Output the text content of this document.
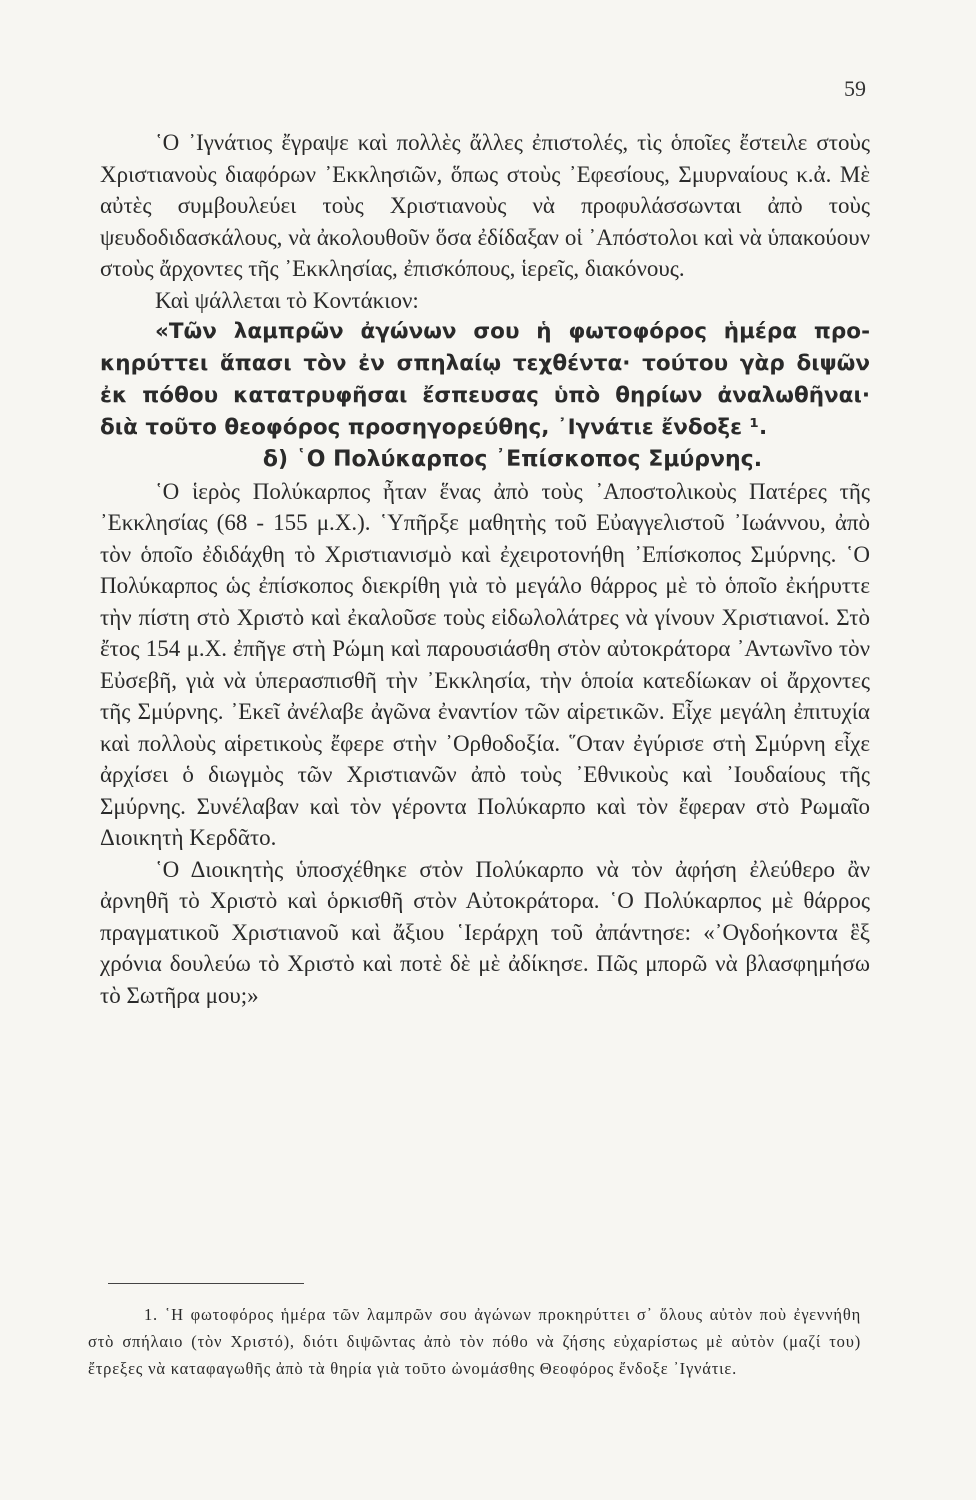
59

῾Ο ᾿Ιγνάτιος ἔγραψε καὶ πολλὲς ἄλλες ἐπιστολές, τὶς ὁποῖες ἔστειλε στοὺς Χριστιανοὺς διαφόρων ᾿Εκκλησιῶν, ὅπως στοὺς ᾿Εφεσίους, Σμυρναίους κ.ἀ. Μὲ αὐτὲς συμβουλεύει τοὺς Χριστιανοὺς νὰ προφυλάσσωνται ἀπὸ τοὺς ψευδοδιδασκάλους, νὰ ἀκολουθοῦν ὅσα ἐδίδαξαν οἱ ᾿Απόστολοι καὶ νὰ ὑπακούουν στοὺς ἄρχοντες τῆς ᾿Εκκλησίας, ἐπισκόπους, ἱερεῖς, διακόνους.

Καὶ ψάλλεται τὸ Κοντάκιον:

«Τῶν λαμπρῶν ἀγώνων σου ἡ φωτοφόρος ἡμέρα προκηρύττει ἅπασι τὸν ἐν σπηλαίῳ τεχθέντα· τούτου γὰρ διψῶν ἐκ πόθου κατατρυφῆσαι ἔσπευσας ὑπὸ θηρίων ἀναλωθῆναι· διὰ τοῦτο θεοφόρος προσηγορεύθης, ᾿Ιγνάτιε ἔνδοξε ¹.

δ) ῾Ο Πολύκαρπος ᾿Επίσκοπος Σμύρνης.

῾Ο ἱερὸς Πολύκαρπος ἦταν ἕνας ἀπὸ τοὺς ᾿Αποστολικοὺς Πατέρες τῆς ᾿Εκκλησίας (68 - 155 μ.Χ.). ῾Υπῆρξε μαθητὴς τοῦ Εὐαγγελιστοῦ ᾿Ιωάννου, ἀπὸ τὸν ὁποῖο ἐδιδάχθη τὸ Χριστιανισμὸ καὶ ἐχειροτονήθη ᾿Επίσκοπος Σμύρνης. ῾Ο Πολύκαρπος ὡς ἐπίσκοπος διεκρίθη γιὰ τὸ μεγάλο θάρρος μὲ τὸ ὁποῖο ἐκήρυττε τὴν πίστη στὸ Χριστὸ καὶ ἐκαλοῦσε τοὺς εἰδωλολάτρες νὰ γίνουν Χριστιανοί. Στὸ ἔτος 154 μ.Χ. ἐπῆγε στὴ Ρώμη καὶ παρουσιάσθη στὸν αὐτοκράτορα ᾿Αντωνῖνο τὸν Εὐσεβῆ, γιὰ νὰ ὑπερασπισθῆ τὴν ᾿Εκκλησία, τὴν ὁποία κατεδίωκαν οἱ ἄρχοντες τῆς Σμύρνης. ᾿Εκεῖ ἀνέλαβε ἀγῶνα ἐναντίον τῶν αἱρετικῶν. Εἶχε μεγάλη ἐπιτυχία καὶ πολλοὺς αἱρετικοὺς ἔφερε στὴν ᾿Ορθοδοξία. ῞Οταν ἐγύρισε στὴ Σμύρνη εἶχε ἀρχίσει ὁ διωγμὸς τῶν Χριστιανῶν ἀπὸ τοὺς ᾿Εθνικοὺς καὶ ᾿Ιουδαίους τῆς Σμύρνης. Συνέλαβαν καὶ τὸν γέροντα Πολύκαρπο καὶ τὸν ἔφεραν στὸ Ρωμαῖο Διοικητὴ Κερδᾶτο.

῾Ο Διοικητὴς ὑποσχέθηκε στὸν Πολύκαρπο νὰ τὸν ἀφήση ἐλεύθερο ἂν ἀρνηθῆ τὸ Χριστὸ καὶ ὁρκισθῆ στὸν Αὐτοκράτορα. ῾Ο Πολύκαρπος μὲ θάρρος πραγματικοῦ Χριστιανοῦ καὶ ἄξιου ῾Ιεράρχη τοῦ ἀπάντησε: «᾿Ογδοήκοντα ἓξ χρόνια δουλεύω τὸ Χριστὸ καὶ ποτὲ δὲ μὲ ἀδίκησε. Πῶς μπορῶ νὰ βλασφημήσω τὸ Σωτῆρα μου;»

1. ῾Η φωτοφόρος ἡμέρα τῶν λαμπρῶν σου ἀγώνων προκηρύττει σ᾿ ὅλους αὐτὸν ποὺ ἐγεννήθη στὸ σπήλαιο (τὸν Χριστό), διότι διψῶντας ἀπὸ τὸν πόθο νὰ ζήσης εὐχαρίστως μὲ αὐτὸν (μαζί του) ἔτρεξες νὰ καταφαγωθῆς ἀπὸ τὰ θηρία γιὰ τοῦτο ὠνομάσθης Θεοφόρος ἔνδοξε ᾿Ιγνάτιε.
